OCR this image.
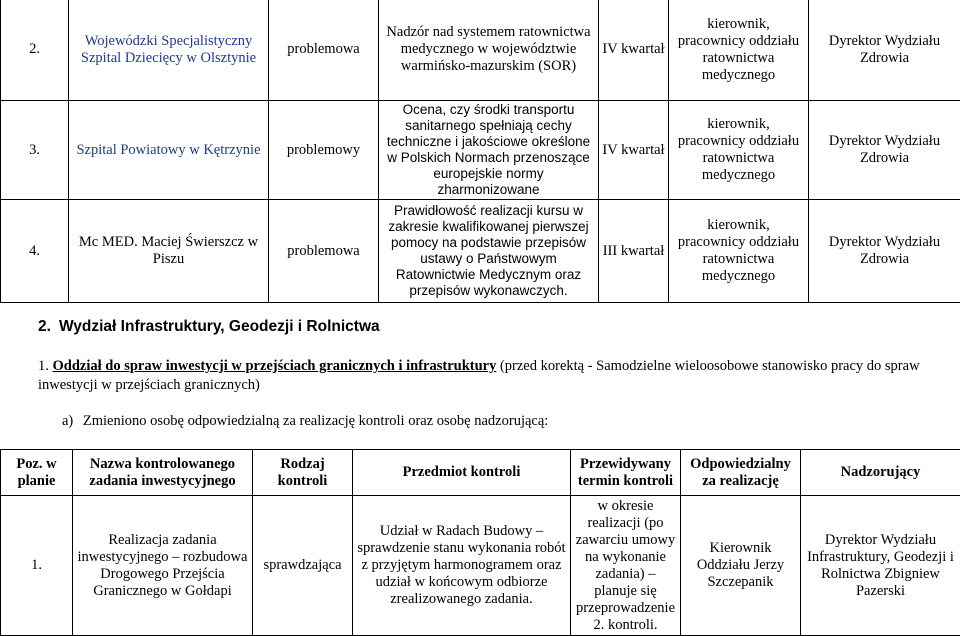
2.	Wojewódzki Specjalistyczny Szpital Dziecięcy w Olsztynie	problemowa	Nadzór nad systemem ratownictwa medycznego w województwie warmińsko-mazurskim (SOR)	IV kwartał	kierownik, pracownicy oddziału ratownictwa medycznego	Dyrektor Wydziału Zdrowia
3.	Szpital Powiatowy w Kętrzynie	problemowy	Ocena, czy środki transportu sanitarnego spełniają cechy techniczne i jakościowe określone w Polskich Normach przenoszące europejskie normy zharmonizowane	IV kwartał	kierownik, pracownicy oddziału ratownictwa medycznego	Dyrektor Wydziału Zdrowia
4.	Mc MED. Maciej Świerszcz w Piszu	problemowa	Prawidłowość realizacji kursu w zakresie kwalifikowanej pierwszej pomocy na podstawie przepisów ustawy o Państwowym Ratownictwie Medycznym oraz przepisów wykonawczych.	III kwartał	kierownik, pracownicy oddziału ratownictwa medycznego	Dyrektor Wydziału Zdrowia
2. Wydział Infrastruktury, Geodezji i Rolnictwa
1. Oddział do spraw inwestycji w przejściach granicznych i infrastruktury (przed korektą - Samodzielne wieloosobowe stanowisko pracy do spraw inwestycji w przejściach granicznych)
a) Zmieniono osobę odpowiedzialną za realizację kontroli oraz osobę nadzorującą:
Poz. w planie	Nazwa kontrolowanego zadania inwestycyjnego	Rodzaj kontroli	Przedmiot kontroli	Przewidywany termin kontroli	Odpowiedzialny za realizację	Nadzorujący
1.	Realizacja zadania inwestycyjnego – rozbudowa Drogowego Przejścia Granicznego w Gołdapi	sprawdzająca	Udział w Radach Budowy – sprawdzenie stanu wykonania robót z przyjętym harmonogramem oraz udział w końcowym odbiorze zrealizowanego zadania.	w okresie realizacji (po zawarciu umowy na wykonanie zadania) – planuje się przeprowadzenie 2. kontroli.	Kierownik Oddziału Jerzy Szczepanik	Dyrektor Wydziału Infrastruktury, Geodezji i Rolnictwa Zbigniew Pazerski
